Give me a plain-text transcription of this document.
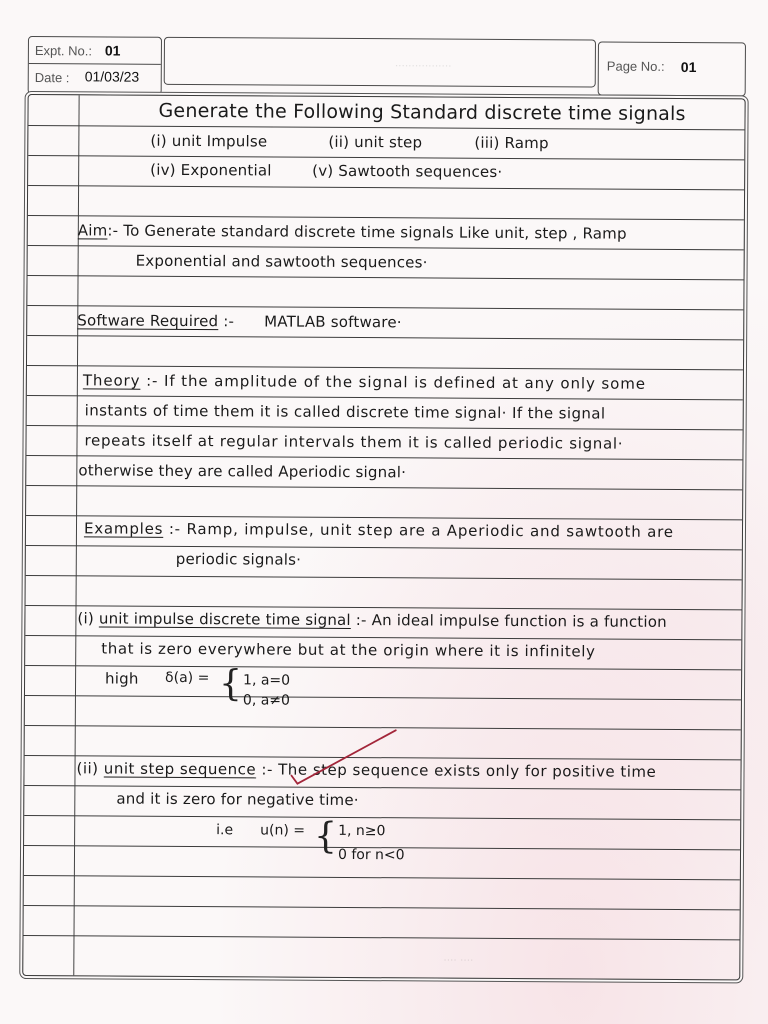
Expt. No.: 01
Date : 01/03/23
.................	Page No.: 01
Generate the Following Standard discrete time signals
(i) unit Impulse	(ii) unit step	(iii) Ramp
(iv) Exponential	(v) Sawtooth sequences·
Aim:- To Generate standard discrete time signals Like unit, step , Ramp
Exponential and sawtooth sequences·
Software Required :- MATLAB software·
Theory :- If the amplitude of the signal is defined at any only some
instants of time them it is called discrete time signal· If the signal
repeats itself at regular intervals them it is called periodic signal·
otherwise they are called Aperiodic signal·
Examples :- Ramp, impulse, unit step are a Aperiodic and sawtooth are
periodic signals·
(i) unit impulse discrete time signal :- An ideal impulse function is a function
that is zero everywhere but at the origin where it is infinitely
high δ(a) = { 1, a=0
0, a≠0
(ii) unit step sequence :- The step sequence exists only for positive time
and it is zero for negative time·
i.e u(n) = { 1, n≥0
0 for n<0
.... ....
